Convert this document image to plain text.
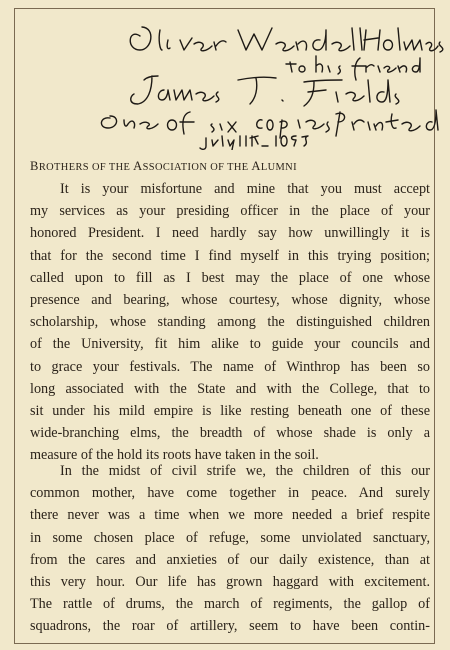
BROTHERS OF THE ASSOCIATION OF THE ALUMNI
It is your misfortune and mine that you must accept
my services as your presiding officer in the place of your
honored President. I need hardly say how unwillingly it is
that for the second time I find myself in this trying position;
called upon to fill as I best may the place of one whose
presence and bearing, whose courtesy, whose dignity, whose
scholarship, whose standing among the distinguished children
of the University, fit him alike to guide your councils and
to grace your festivals. The name of Winthrop has been so
long associated with the State and with the College, that to
sit under his mild empire is like resting beneath one of these
wide-branching elms, the breadth of whose shade is only a
measure of the hold its roots have taken in the soil.
In the midst of civil strife we, the children of this our
common mother, have come together in peace. And surely
there never was a time when we more needed a brief respite
in some chosen place of refuge, some unviolated sanctuary,
from the cares and anxieties of our daily existence, than at
this very hour. Our life has grown haggard with excitement.
The rattle of drums, the march of regiments, the gallop of
squadrons, the roar of artillery, seem to have been contin-
